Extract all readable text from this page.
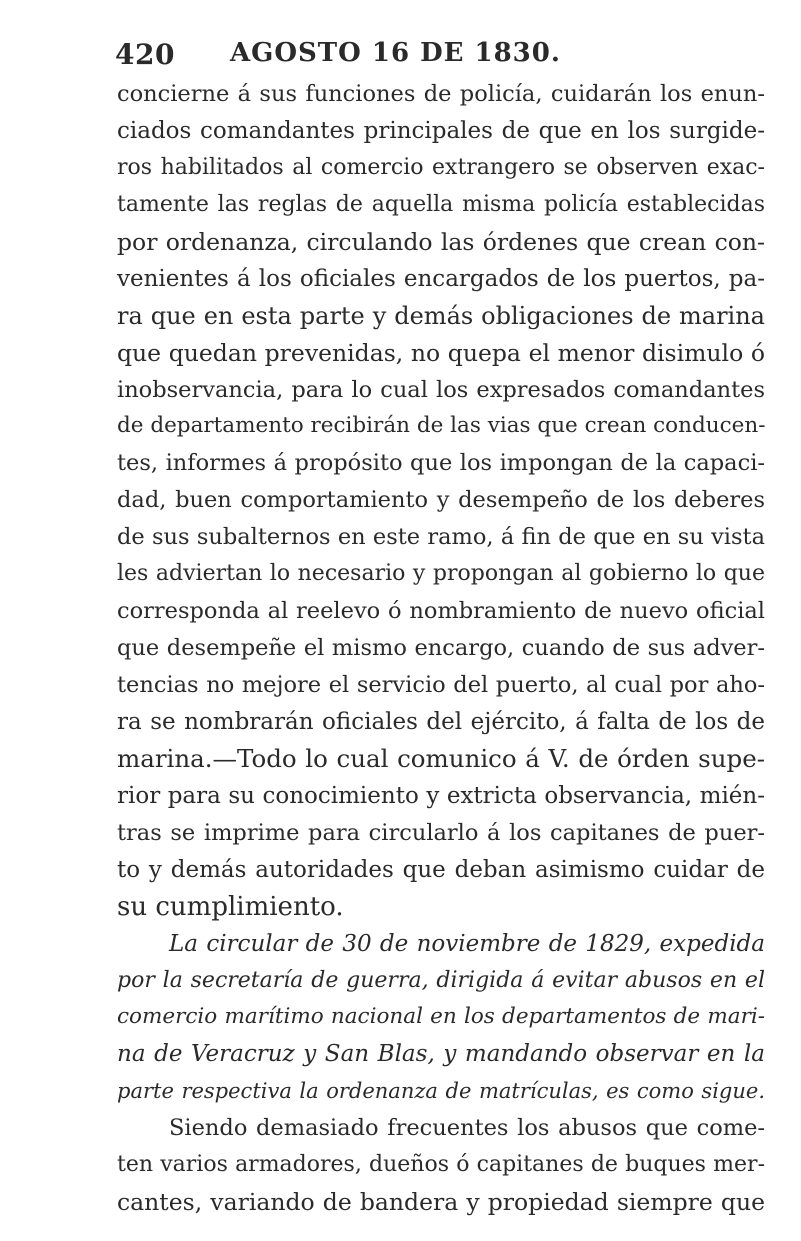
420 AGOSTO 16 DE 1830.
concierne á sus funciones de policía, cuidarán los enun-
ciados comandantes principales de que en los surgide-
ros habilitados al comercio extrangero se observen exac-
tamente las reglas de aquella misma policía establecidas
por ordenanza, circulando las órdenes que crean con-
venientes á los oficiales encargados de los puertos, pa-
ra que en esta parte y demás obligaciones de marina
que quedan prevenidas, no quepa el menor disimulo ó
inobservancia, para lo cual los expresados comandantes
de departamento recibirán de las vias que crean conducen-
tes, informes á propósito que los impongan de la capaci-
dad, buen comportamiento y desempeño de los deberes
de sus subalternos en este ramo, á fin de que en su vista
les adviertan lo necesario y propongan al gobierno lo que
corresponda al reelevo ó nombramiento de nuevo oficial
que desempeñe el mismo encargo, cuando de sus adver-
tencias no mejore el servicio del puerto, al cual por aho-
ra se nombrarán oficiales del ejército, á falta de los de
marina.—Todo lo cual comunico á V. de órden supe-
rior para su conocimiento y extricta observancia, mién-
tras se imprime para circularlo á los capitanes de puer-
to y demás autoridades que deban asimismo cuidar de
su cumplimiento.
La circular de 30 de noviembre de 1829, expedida
por la secretaría de guerra, dirigida á evitar abusos en el
comercio marítimo nacional en los departamentos de mari-
na de Veracruz y San Blas, y mandando observar en la
parte respectiva la ordenanza de matrículas, es como sigue.
Siendo demasiado frecuentes los abusos que come-
ten varios armadores, dueños ó capitanes de buques mer-
cantes, variando de bandera y propiedad siempre que
